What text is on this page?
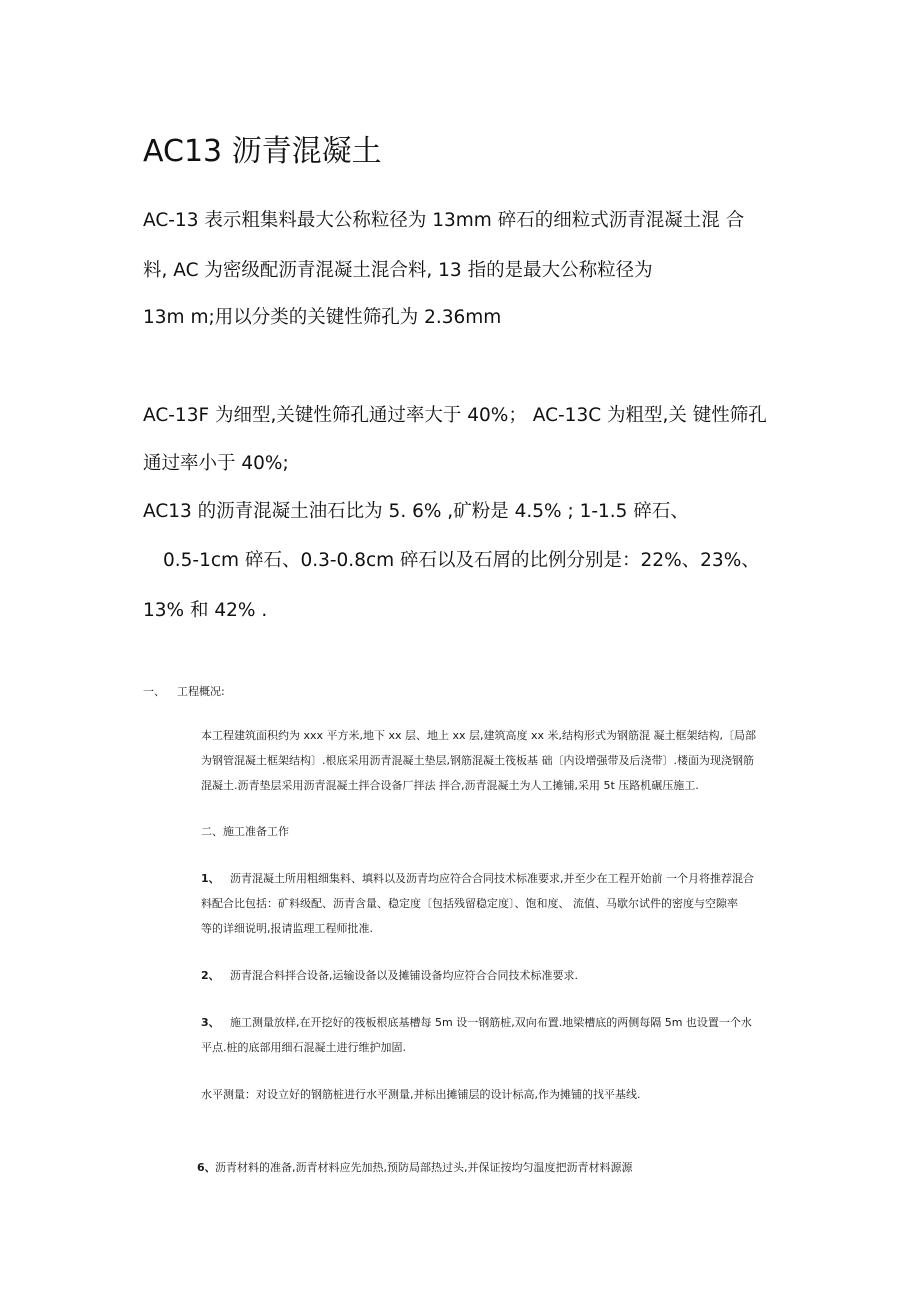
AC13 沥青混凝土
AC-13 表示粗集料最大公称粒径为 13mm 碎石的细粒式沥青混凝土混 合
料, AC 为密级配沥青混凝土混合料, 13 指的是最大公称粒径为
13m m;用以分类的关键性筛孔为 2.36mm
AC-13F 为细型,关键性筛孔通过率大于 40%； AC-13C 为粗型,关 键性筛孔
通过率小于 40%;
AC13 的沥青混凝土油石比为 5. 6% ,矿粉是 4.5% ; 1-1.5 碎石、
0.5-1cm 碎石、0.3-0.8cm 碎石以及石屑的比例分别是：22%、23%、
13% 和 42% .
一、 工程概况:
本工程建筑面积约为 xxx 平方米,地下 xx 层、地上 xx 层,建筑高度 xx 米,结构形式为钢筋混 凝土框架结构,〔局部
为钢管混凝土框架结构〕.根底采用沥青混凝土垫层,钢筋混凝土筏板基 础〔内设增强带及后浇带〕.楼面为现浇钢筋
混凝土.沥青垫层采用沥青混凝土拌合设备厂拌法 拌合,沥青混凝土为人工摊铺,采用 5t 压路机碾压施工.
二、施工准备工作
1、 沥青混凝土所用粗细集料、填料以及沥青均应符合合同技术标准要求,并至少在工程开始前 一个月将推荐混合
料配合比包括：矿料级配、沥青含量、稳定度〔包括残留稳定度〕、饱和度、 流值、马歇尔试件的密度与空隙率
等的详细说明,报请监理工程师批准.
2、 沥青混合料拌合设备,运输设备以及摊铺设备均应符合合同技术标准要求.
3、 施工测量放样,在开挖好的筏板根底基槽每 5m 设一钢筋桩,双向布置.地梁槽底的两侧每隔 5m 也设置一个水
平点.桩的底部用细石混凝土进行维护加固.
水平测量：对设立好的钢筋桩进行水平测量,并标出摊铺层的设计标高,作为摊铺的找平基线.
6、 沥青材料的准备,沥青材料应先加热,预防局部热过头,并保证按均匀温度把沥青材料源源
